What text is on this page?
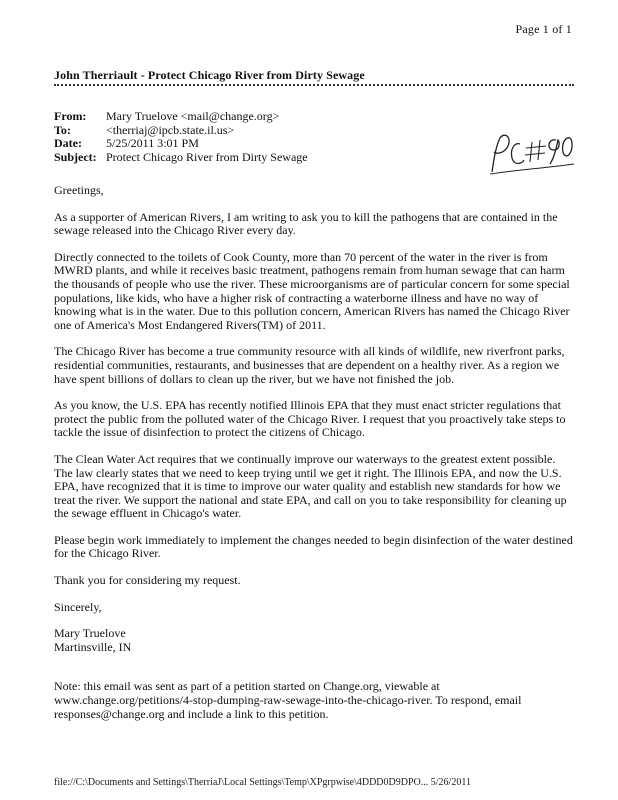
Page 1 of 1
John Therriault - Protect Chicago River from Dirty Sewage
From:	Mary Truelove <mail@change.org>
To:	<therriaj@ipcb.state.il.us>
Date:	5/25/2011 3:01 PM
Subject: Protect Chicago River from Dirty Sewage

Greetings,

As a supporter of American Rivers, I am writing to ask you to kill the pathogens that are contained in the sewage released into the Chicago River every day.

Directly connected to the toilets of Cook County, more than 70 percent of the water in the river is from MWRD plants, and while it receives basic treatment, pathogens remain from human sewage that can harm the thousands of people who use the river. These microorganisms are of particular concern for some special populations, like kids, who have a higher risk of contracting a waterborne illness and have no way of knowing what is in the water. Due to this pollution concern, American Rivers has named the Chicago River one of America's Most Endangered Rivers(TM) of 2011.

The Chicago River has become a true community resource with all kinds of wildlife, new riverfront parks, residential communities, restaurants, and businesses that are dependent on a healthy river. As a region we have spent billions of dollars to clean up the river, but we have not finished the job.

As you know, the U.S. EPA has recently notified Illinois EPA that they must enact stricter regulations that protect the public from the polluted water of the Chicago River. I request that you proactively take steps to tackle the issue of disinfection to protect the citizens of Chicago.

The Clean Water Act requires that we continually improve our waterways to the greatest extent possible. The law clearly states that we need to keep trying until we get it right. The Illinois EPA, and now the U.S. EPA, have recognized that it is time to improve our water quality and establish new standards for how we treat the river. We support the national and state EPA, and call on you to take responsibility for cleaning up the sewage effluent in Chicago's water.

Please begin work immediately to implement the changes needed to begin disinfection of the water destined for the Chicago River.

Thank you for considering my request.

Sincerely,

Mary Truelove
Martinsville, IN

Note: this email was sent as part of a petition started on Change.org, viewable at www.change.org/petitions/4-stop-dumping-raw-sewage-into-the-chicago-river. To respond, email responses@change.org and include a link to this petition.

file://C:\Documents and Settings\TherriaJ\Local Settings\Temp\XPgrpwise\4DDD0D9DPO... 5/26/2011
